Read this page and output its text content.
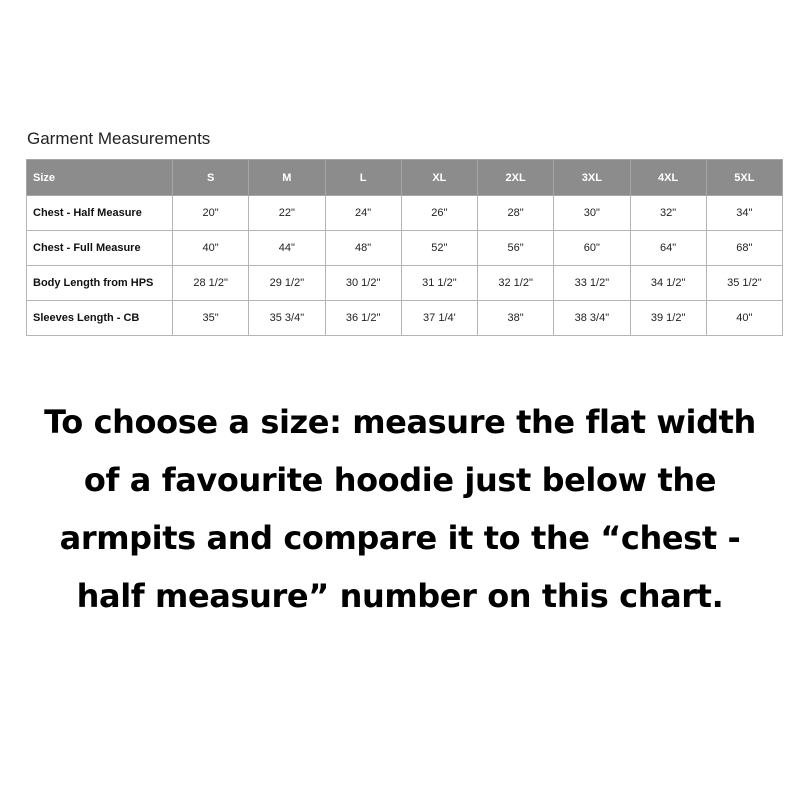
Garment Measurements
Size	S	M	L	XL	2XL	3XL	4XL	5XL
Chest - Half Measure	20"	22"	24"	26"	28"	30"	32"	34"
Chest - Full Measure	40"	44"	48"	52"	56"	60"	64"	68"
Body Length from HPS	28 1/2"	29 1/2"	30 1/2"	31 1/2"	32 1/2"	33 1/2"	34 1/2"	35 1/2"
Sleeves Length - CB	35"	35 3/4"	36 1/2"	37 1/4'	38"	38 3/4"	39 1/2"	40"
To choose a size: measure the flat width
of a favourite hoodie just below the
armpits and compare it to the “chest -
half measure” number on this chart.
